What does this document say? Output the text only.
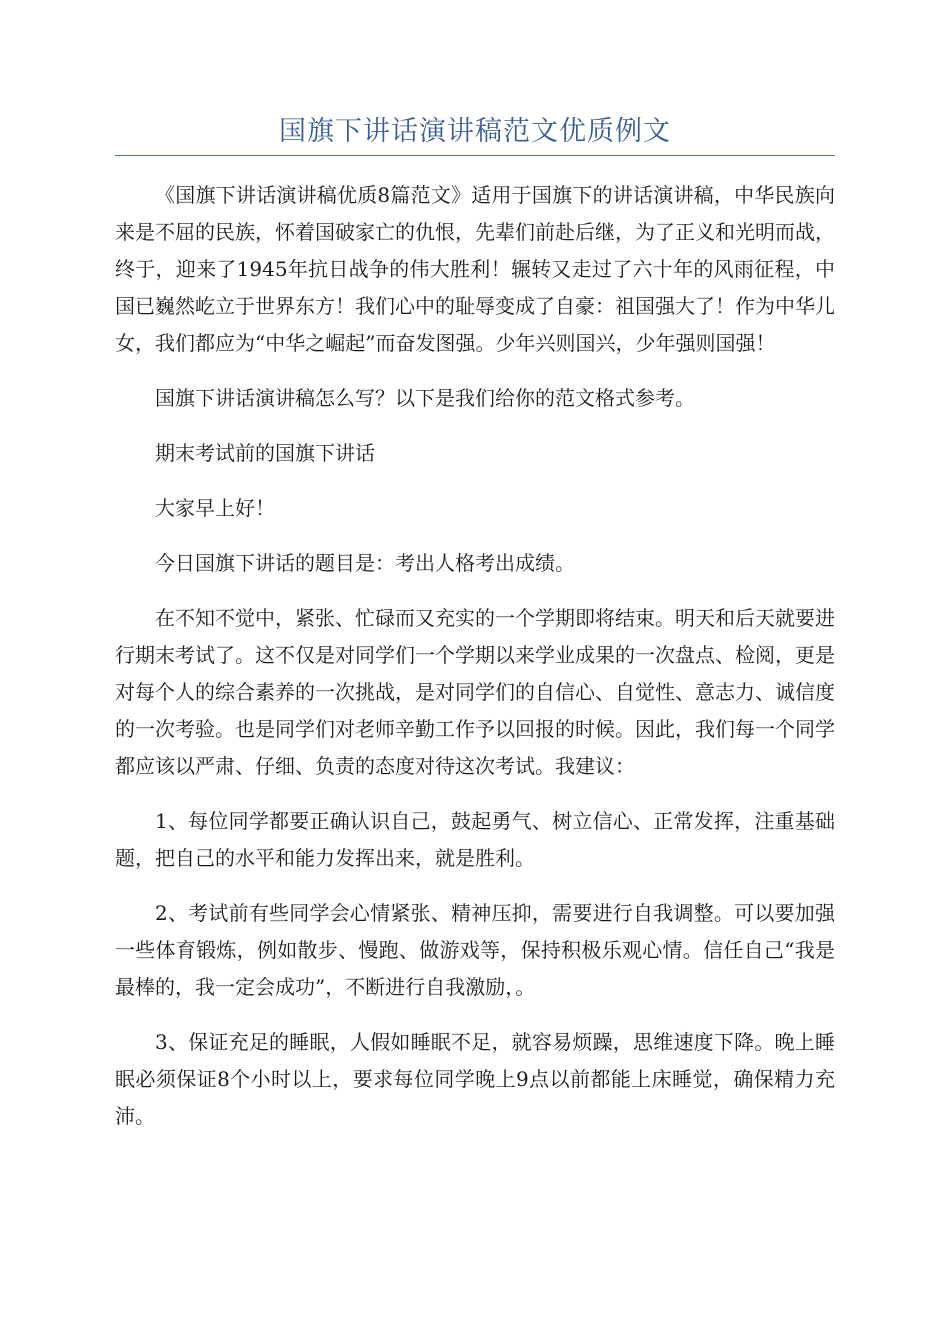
国旗下讲话演讲稿范文优质例文

《国旗下讲话演讲稿优质8篇范文》适用于国旗下的讲话演讲稿，中华民族向来是不屈的民族，怀着国破家亡的仇恨，先辈们前赴后继，为了正义和光明而战，终于，迎来了1945年抗日战争的伟大胜利！辗转又走过了六十年的风雨征程，中国已巍然屹立于世界东方！我们心中的耻辱变成了自豪：祖国强大了！作为中华儿女，我们都应为“中华之崛起”而奋发图强。少年兴则国兴，少年强则国强！

国旗下讲话演讲稿怎么写？以下是我们给你的范文格式参考。

期末考试前的国旗下讲话

大家早上好！

今日国旗下讲话的题目是：考出人格考出成绩。

在不知不觉中，紧张、忙碌而又充实的一个学期即将结束。明天和后天就要进行期末考试了。这不仅是对同学们一个学期以来学业成果的一次盘点、检阅，更是对每个人的综合素养的一次挑战，是对同学们的自信心、自觉性、意志力、诚信度的一次考验。也是同学们对老师辛勤工作予以回报的时候。因此，我们每一个同学都应该以严肃、仔细、负责的态度对待这次考试。我建议：

1、每位同学都要正确认识自己，鼓起勇气、树立信心、正常发挥，注重基础题，把自己的水平和能力发挥出来，就是胜利。

2、考试前有些同学会心情紧张、精神压抑，需要进行自我调整。可以要加强一些体育锻炼，例如散步、慢跑、做游戏等，保持积极乐观心情。信任自己“我是最棒的，我一定会成功”，不断进行自我激励，。

3、保证充足的睡眠，人假如睡眠不足，就容易烦躁，思维速度下降。晚上睡眠必须保证8个小时以上，要求每位同学晚上9点以前都能上床睡觉，确保精力充沛。
